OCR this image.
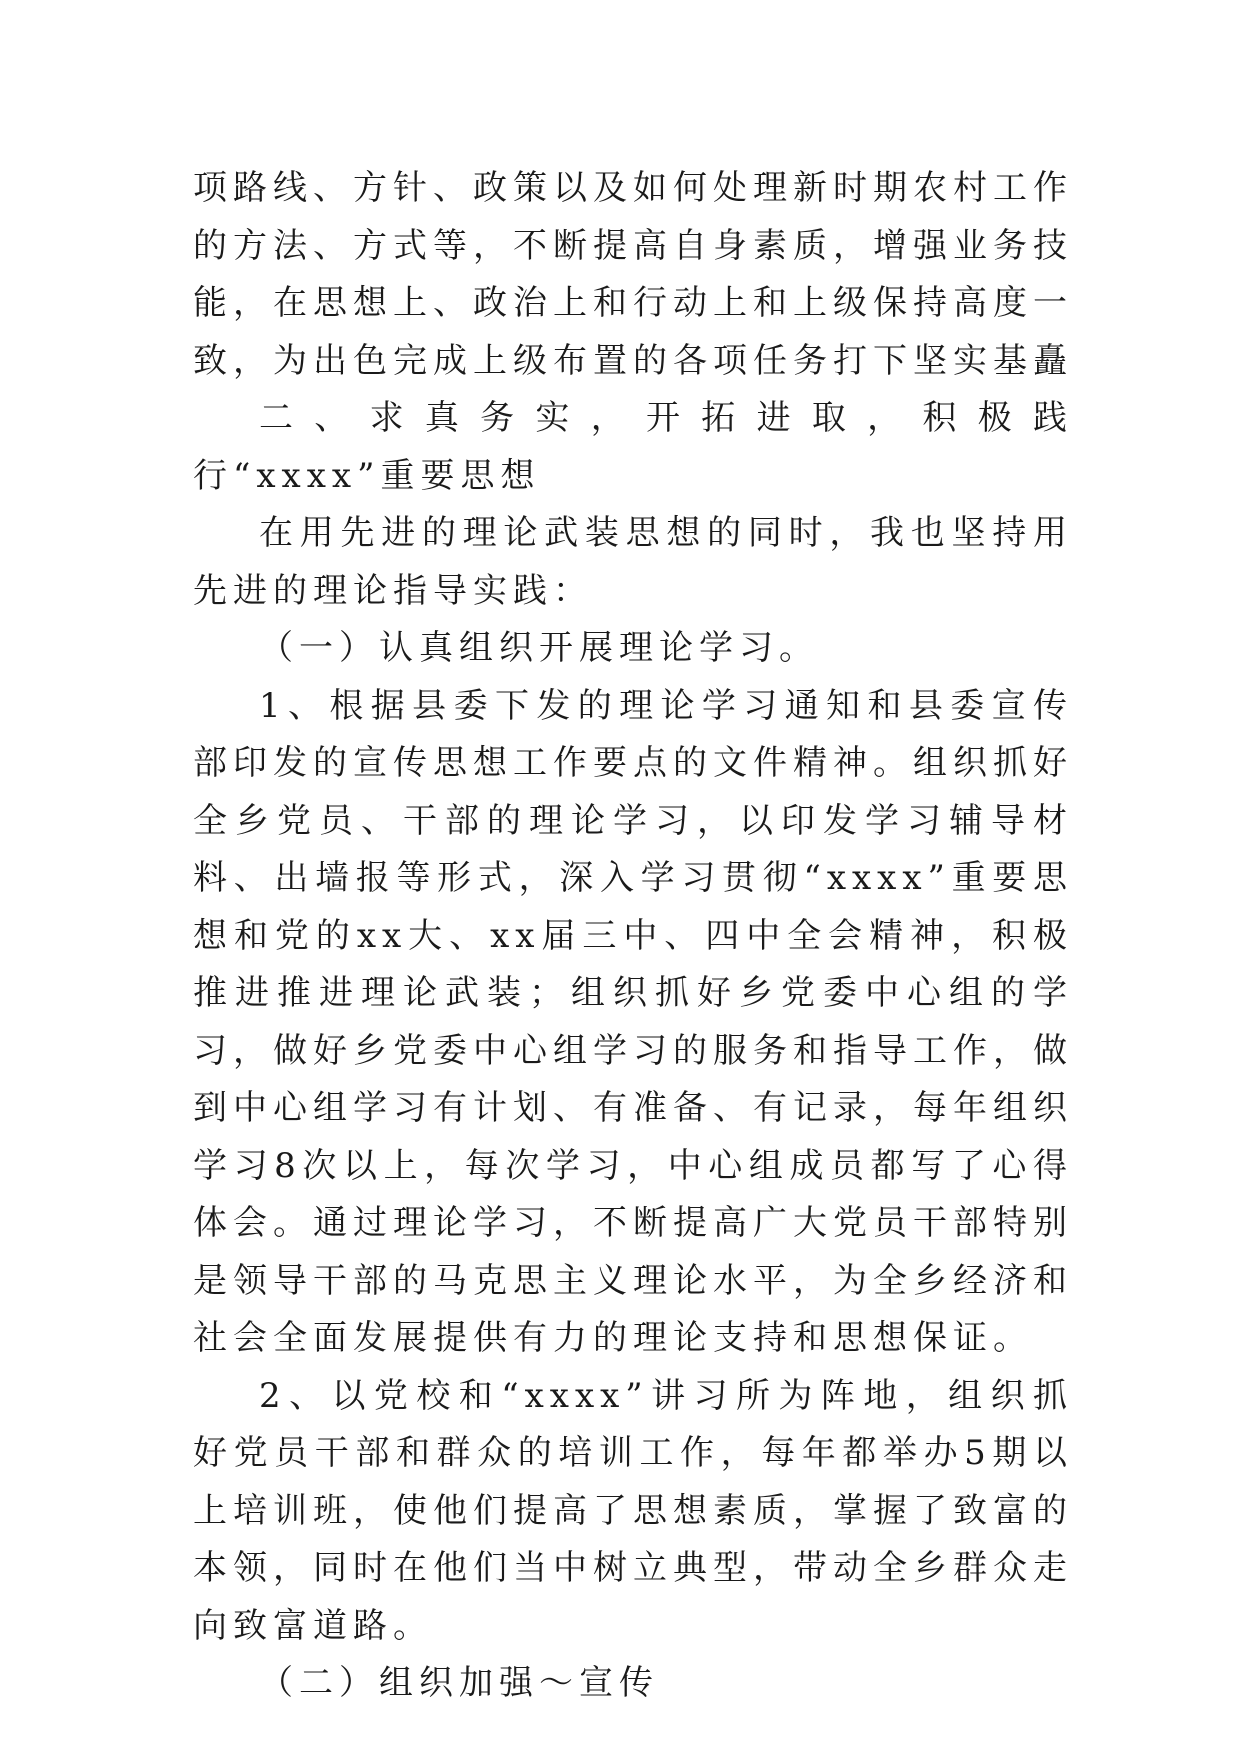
项路线、方针、政策以及如何处理新时期农村工作的方法、方式等，不断提高自身素质，增强业务技能，在思想上、政治上和行动上和上级保持高度一致，为出色完成上级布置的各项任务打下坚实基矗

二、求真务实，开拓进取，积极践行“xxxx”重要思想

在用先进的理论武装思想的同时，我也坚持用先进的理论指导实践：

（一）认真组织开展理论学习。

1、根据县委下发的理论学习通知和县委宣传部印发的宣传思想工作要点的文件精神。组织抓好全乡党员、干部的理论学习，以印发学习辅导材料、出墙报等形式，深入学习贯彻“xxxx”重要思想和党的xx大、xx届三中、四中全会精神，积极推进推进理论武装；组织抓好乡党委中心组的学习，做好乡党委中心组学习的服务和指导工作，做到中心组学习有计划、有准备、有记录，每年组织学习8次以上，每次学习，中心组成员都写了心得体会。通过理论学习，不断提高广大党员干部特别是领导干部的马克思主义理论水平，为全乡经济和社会全面发展提供有力的理论支持和思想保证。

2、以党校和“xxxx”讲习所为阵地，组织抓好党员干部和群众的培训工作，每年都举办5期以上培训班，使他们提高了思想素质，掌握了致富的本领，同时在他们当中树立典型，带动全乡群众走向致富道路。

（二）组织加强～宣传
